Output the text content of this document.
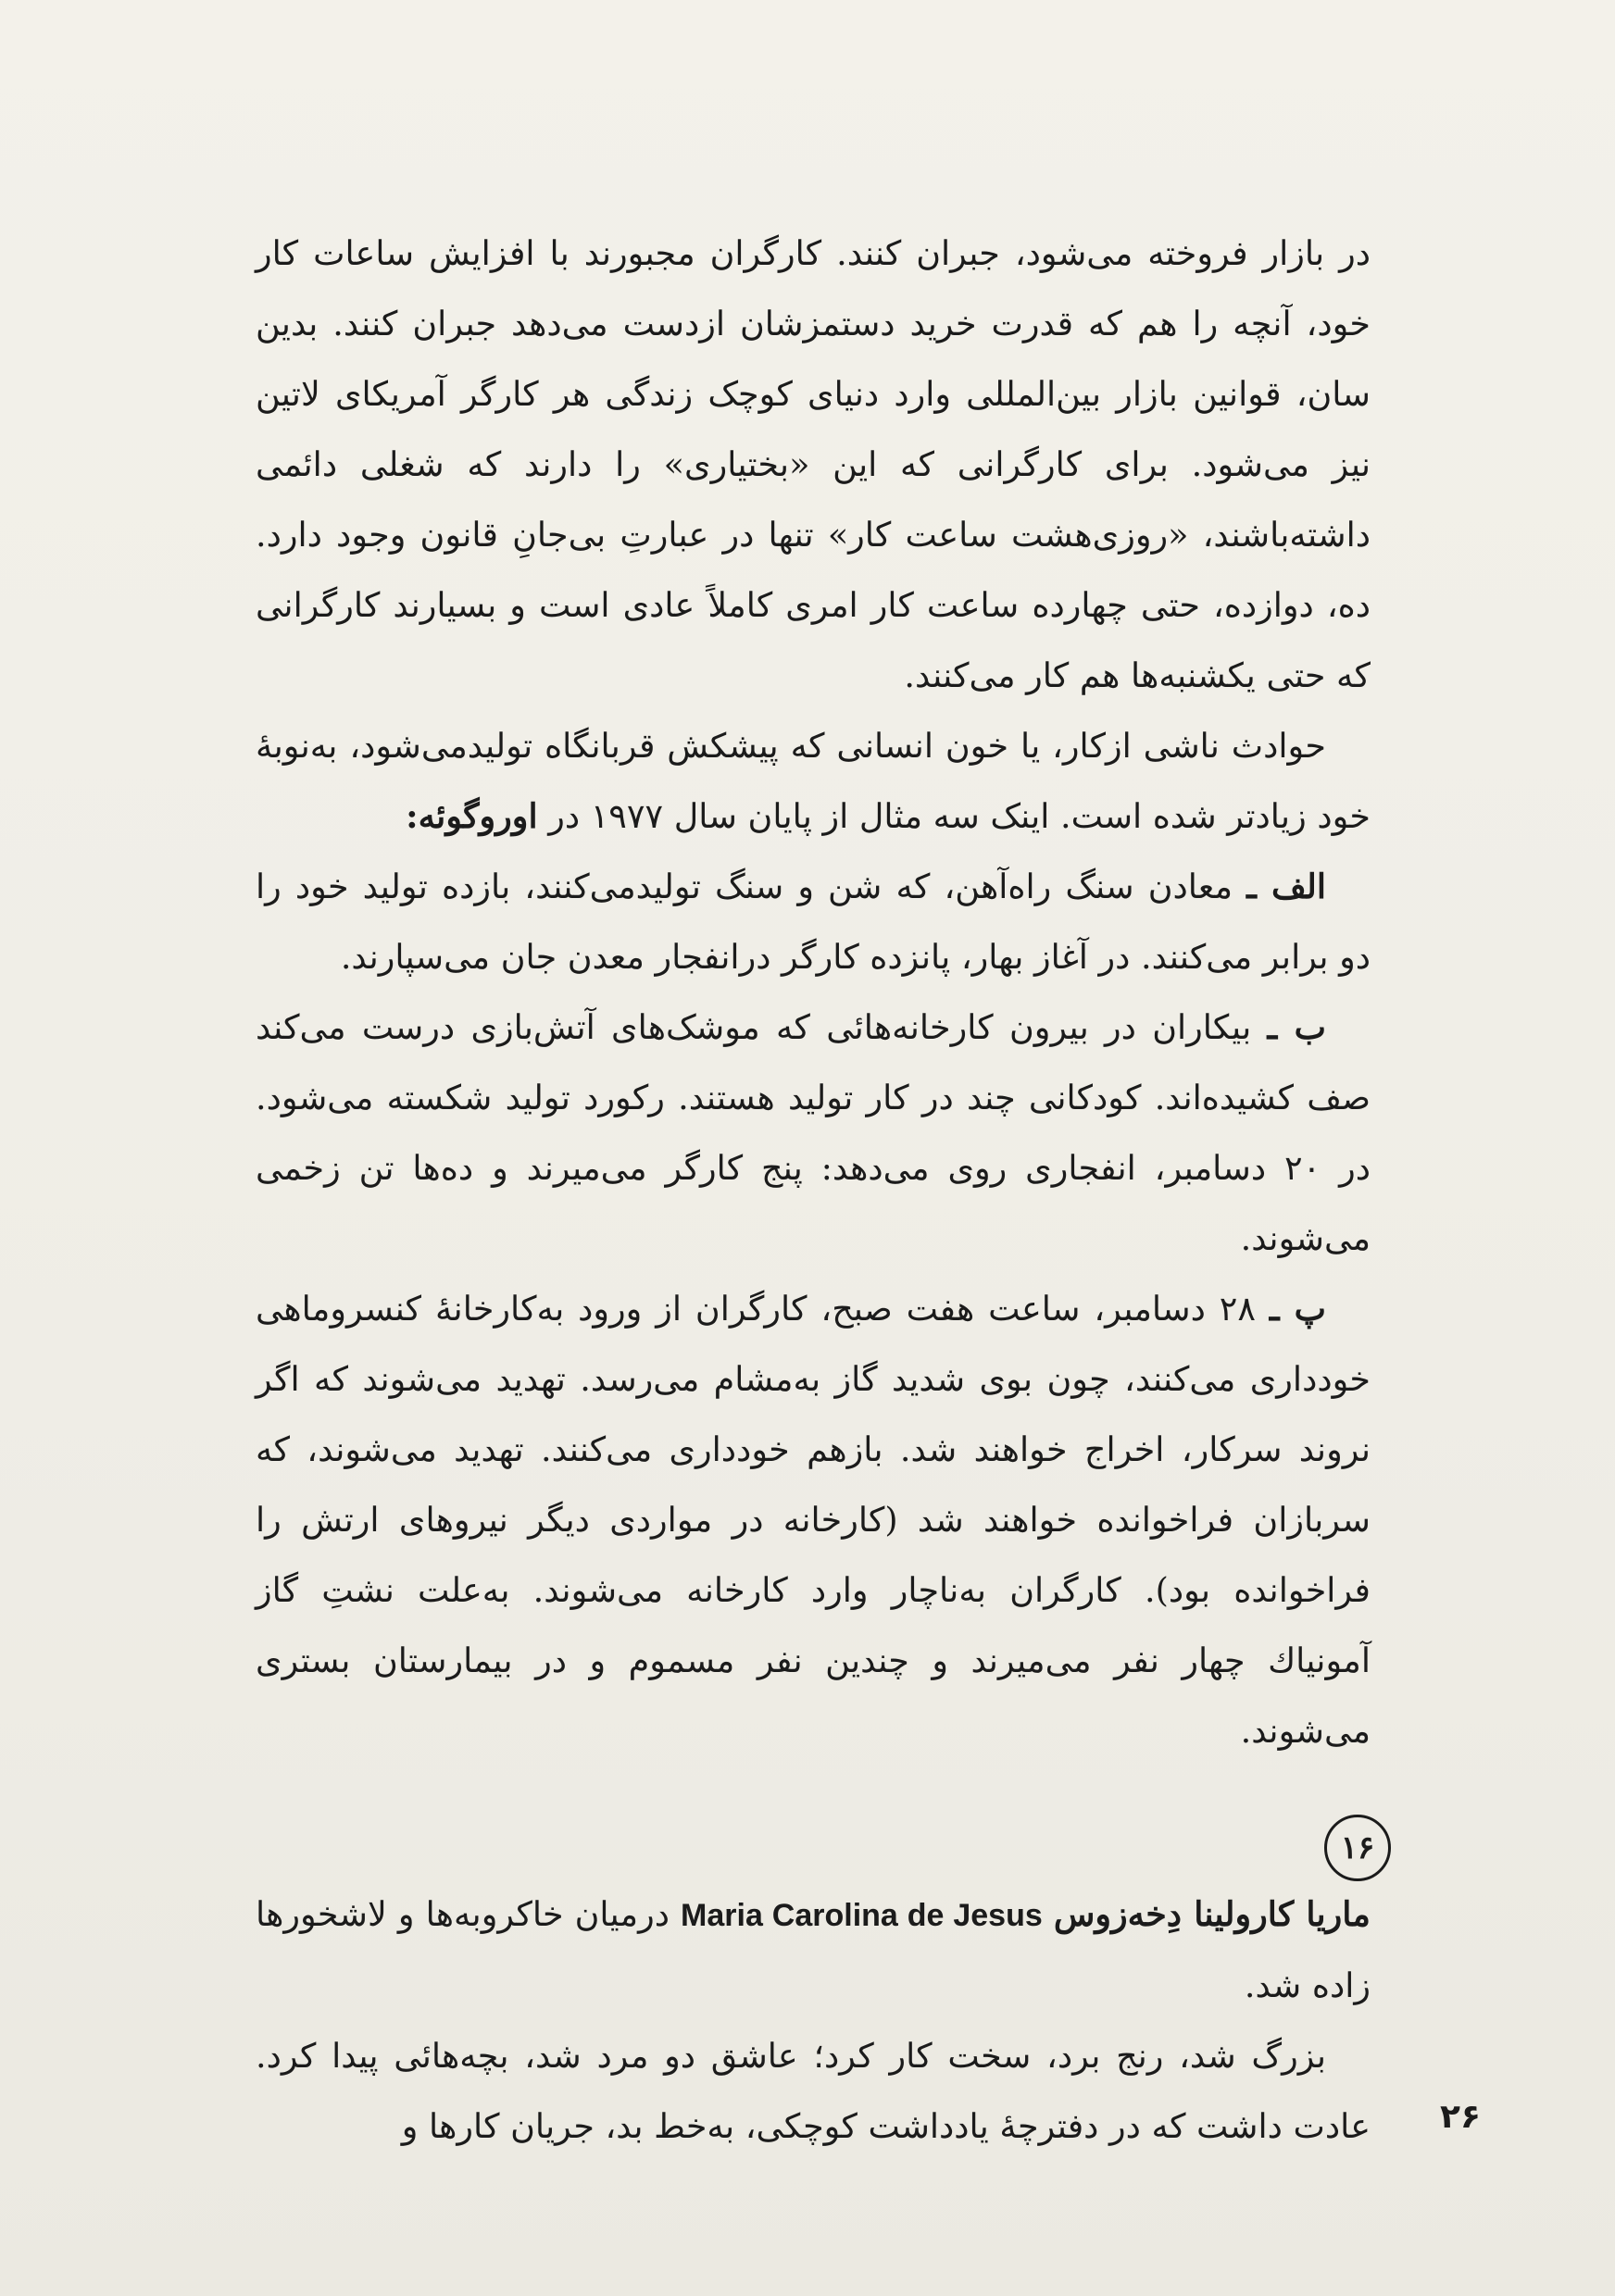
در بازار فروخته می‌شود، جبران کنند. کارگران مجبورند با افزایش ساعات کار خود، آنچه را هم که قدرت خرید دستمزشان ازدست می‌دهد جبران کنند. بدین سان، قوانین بازار بین‌المللی وارد دنیای کوچک زندگی هر کارگر آمریکای لاتین نیز می‌شود. برای کارگرانی که این «بختیاری» را دارند که شغلی دائمی داشته‌باشند، «روزی‌هشت ساعت کار» تنها در عبارتِ بی‌جانِ قانون وجود دارد. ده، دوازده، حتی چهارده ساعت کار امری کاملاً عادی است و بسیارند کارگرانی که حتی یکشنبه‌ها هم کار می‌کنند.

حوادث ناشی ازکار، یا خون انسانی که پیشکش قربانگاه تولیدمی‌شود، به‌نوبهٔ خود زیادتر شده است. اینک سه مثال از پایان سال ۱۹۷۷ در اوروگوئه:

الف ـ معادن سنگ راه‌آهن، که شن و سنگ تولیدمی‌کنند، بازده تولید خود را دو برابر می‌کنند. در آغاز بهار، پانزده کارگر درانفجار معدن جان می‌سپارند.

ب ـ بیکاران در بیرون کارخانه‌هائی که موشک‌های آتش‌بازی درست می‌کند صف کشیده‌اند. کودکانی چند در کار تولید هستند. رکورد تولید شکسته می‌شود. در ۲۰ دسامبر، انفجاری روی می‌دهد: پنج کارگر می‌میرند و ده‌ها تن زخمی می‌شوند.

پ ـ ۲۸ دسامبر، ساعت هفت صبح، کارگران از ورود به‌کارخانهٔ کنسروماهی خودداری می‌کنند، چون بوی شدید گاز به‌مشام می‌رسد. تهدید می‌شوند که اگر نروند سرکار، اخراج خواهند شد. بازهم خودداری می‌کنند. تهدید می‌شوند، که سربازان فراخوانده خواهند شد (کارخانه در مواردی دیگر نیروهای ارتش را فراخوانده بود). کارگران به‌ناچار وارد کارخانه می‌شوند. به‌علت نشتِ گاز آمونیاك چهار نفر می‌میرند و چندین نفر مسموم و در بیمارستان بستری می‌شوند.

۱۶

ماریا کارولینا دِخه‌زوس Maria Carolina de Jesus درمیان خاکروبه‌ها و لاشخورها زاده شد.

بزرگ شد، رنج برد، سخت کار کرد؛ عاشق دو مرد شد، بچه‌هائی پیدا کرد. عادت داشت که در دفترچهٔ یادداشت کوچکی، به‌خط بد، جریان کارها و ۲۶
